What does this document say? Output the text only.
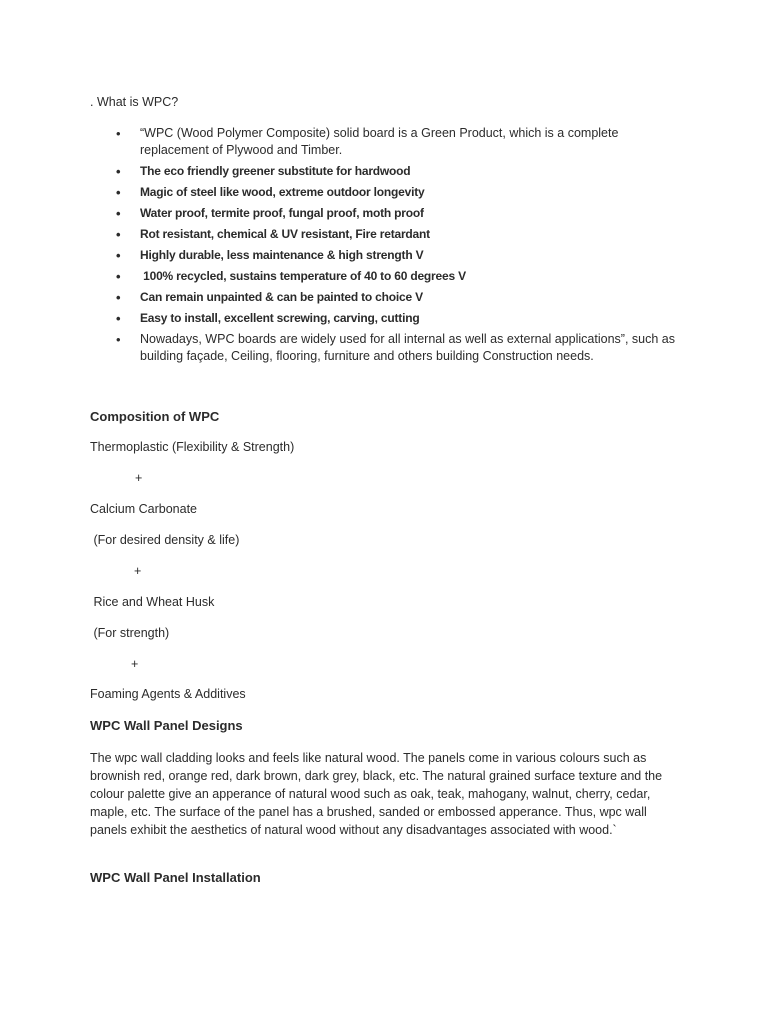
. What is WPC?
• “WPC (Wood Polymer Composite) solid board is a Green Product, which is a complete replacement of Plywood and Timber.
• The eco friendly greener substitute for hardwood
• Magic of steel like wood, extreme outdoor longevity
• Water proof, termite proof, fungal proof, moth proof
• Rot resistant, chemical & UV resistant, Fire retardant
• Highly durable, less maintenance & high strength V
• 100% recycled, sustains temperature of 40 to 60 degrees V
• Can remain unpainted & can be painted to choice V
• Easy to install, excellent screwing, carving, cutting
• Nowadays, WPC boards are widely used for all internal as well as external applications”, such as building façade, Ceiling, flooring, furniture and others building Construction needs.
Composition of WPC
Thermoplastic (Flexibility & Strength)
+
Calcium Carbonate
(For desired density & life)
+
Rice and Wheat Husk
(For strength)
+
Foaming Agents & Additives
WPC Wall Panel Designs
The wpc wall cladding looks and feels like natural wood. The panels come in various colours such as brownish red, orange red, dark brown, dark grey, black, etc. The natural grained surface texture and the colour palette give an apperance of natural wood such as oak, teak, mahogany, walnut, cherry, cedar, maple, etc. The surface of the panel has a brushed, sanded or embossed apperance. Thus, wpc wall panels exhibit the aesthetics of natural wood without any disadvantages associated with wood.`
WPC Wall Panel Installation
